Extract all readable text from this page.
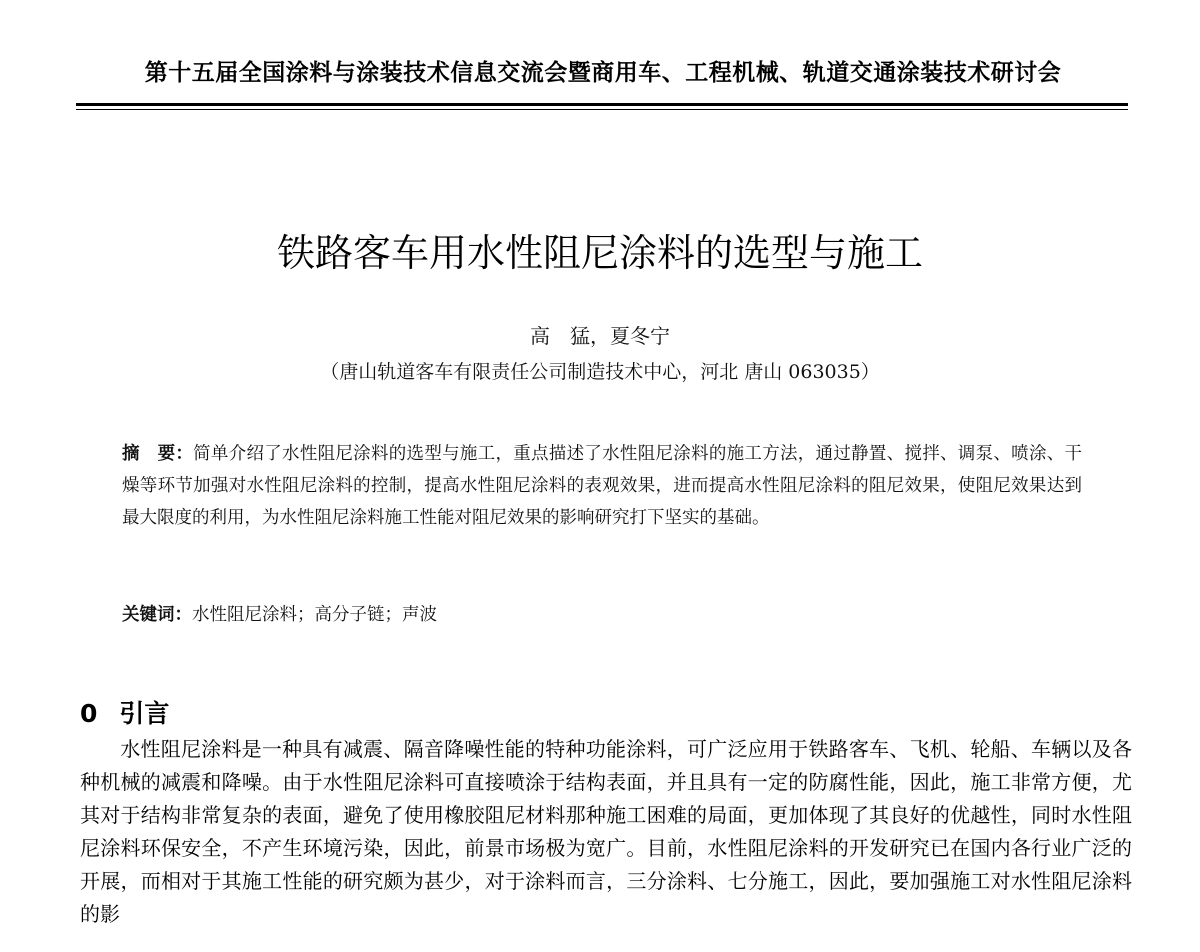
第十五届全国涂料与涂装技术信息交流会暨商用车、工程机械、轨道交通涂装技术研讨会
铁路客车用水性阻尼涂料的选型与施工
高　猛，夏冬宁
（唐山轨道客车有限责任公司制造技术中心，河北 唐山 063035）
摘　要：简单介绍了水性阻尼涂料的选型与施工，重点描述了水性阻尼涂料的施工方法，通过静置、搅拌、调泵、喷涂、干燥等环节加强对水性阻尼涂料的控制，提高水性阻尼涂料的表观效果，进而提高水性阻尼涂料的阻尼效果，使阻尼效果达到最大限度的利用，为水性阻尼涂料施工性能对阻尼效果的影响研究打下坚实的基础。
关键词：水性阻尼涂料；高分子链；声波
0 引言
水性阻尼涂料是一种具有减震、隔音降噪性能的特种功能涂料，可广泛应用于铁路客车、飞机、轮船、车辆以及各种机械的减震和降噪。由于水性阻尼涂料可直接喷涂于结构表面，并且具有一定的防腐性能，因此，施工非常方便，尤其对于结构非常复杂的表面，避免了使用橡胶阻尼材料那种施工困难的局面，更加体现了其良好的优越性，同时水性阻尼涂料环保安全，不产生环境污染，因此，前景市场极为宽广。目前，水性阻尼涂料的开发研究已在国内各行业广泛的开展，而相对于其施工性能的研究颇为甚少，对于涂料而言，三分涂料、七分施工，因此，要加强施工对水性阻尼涂料的影
